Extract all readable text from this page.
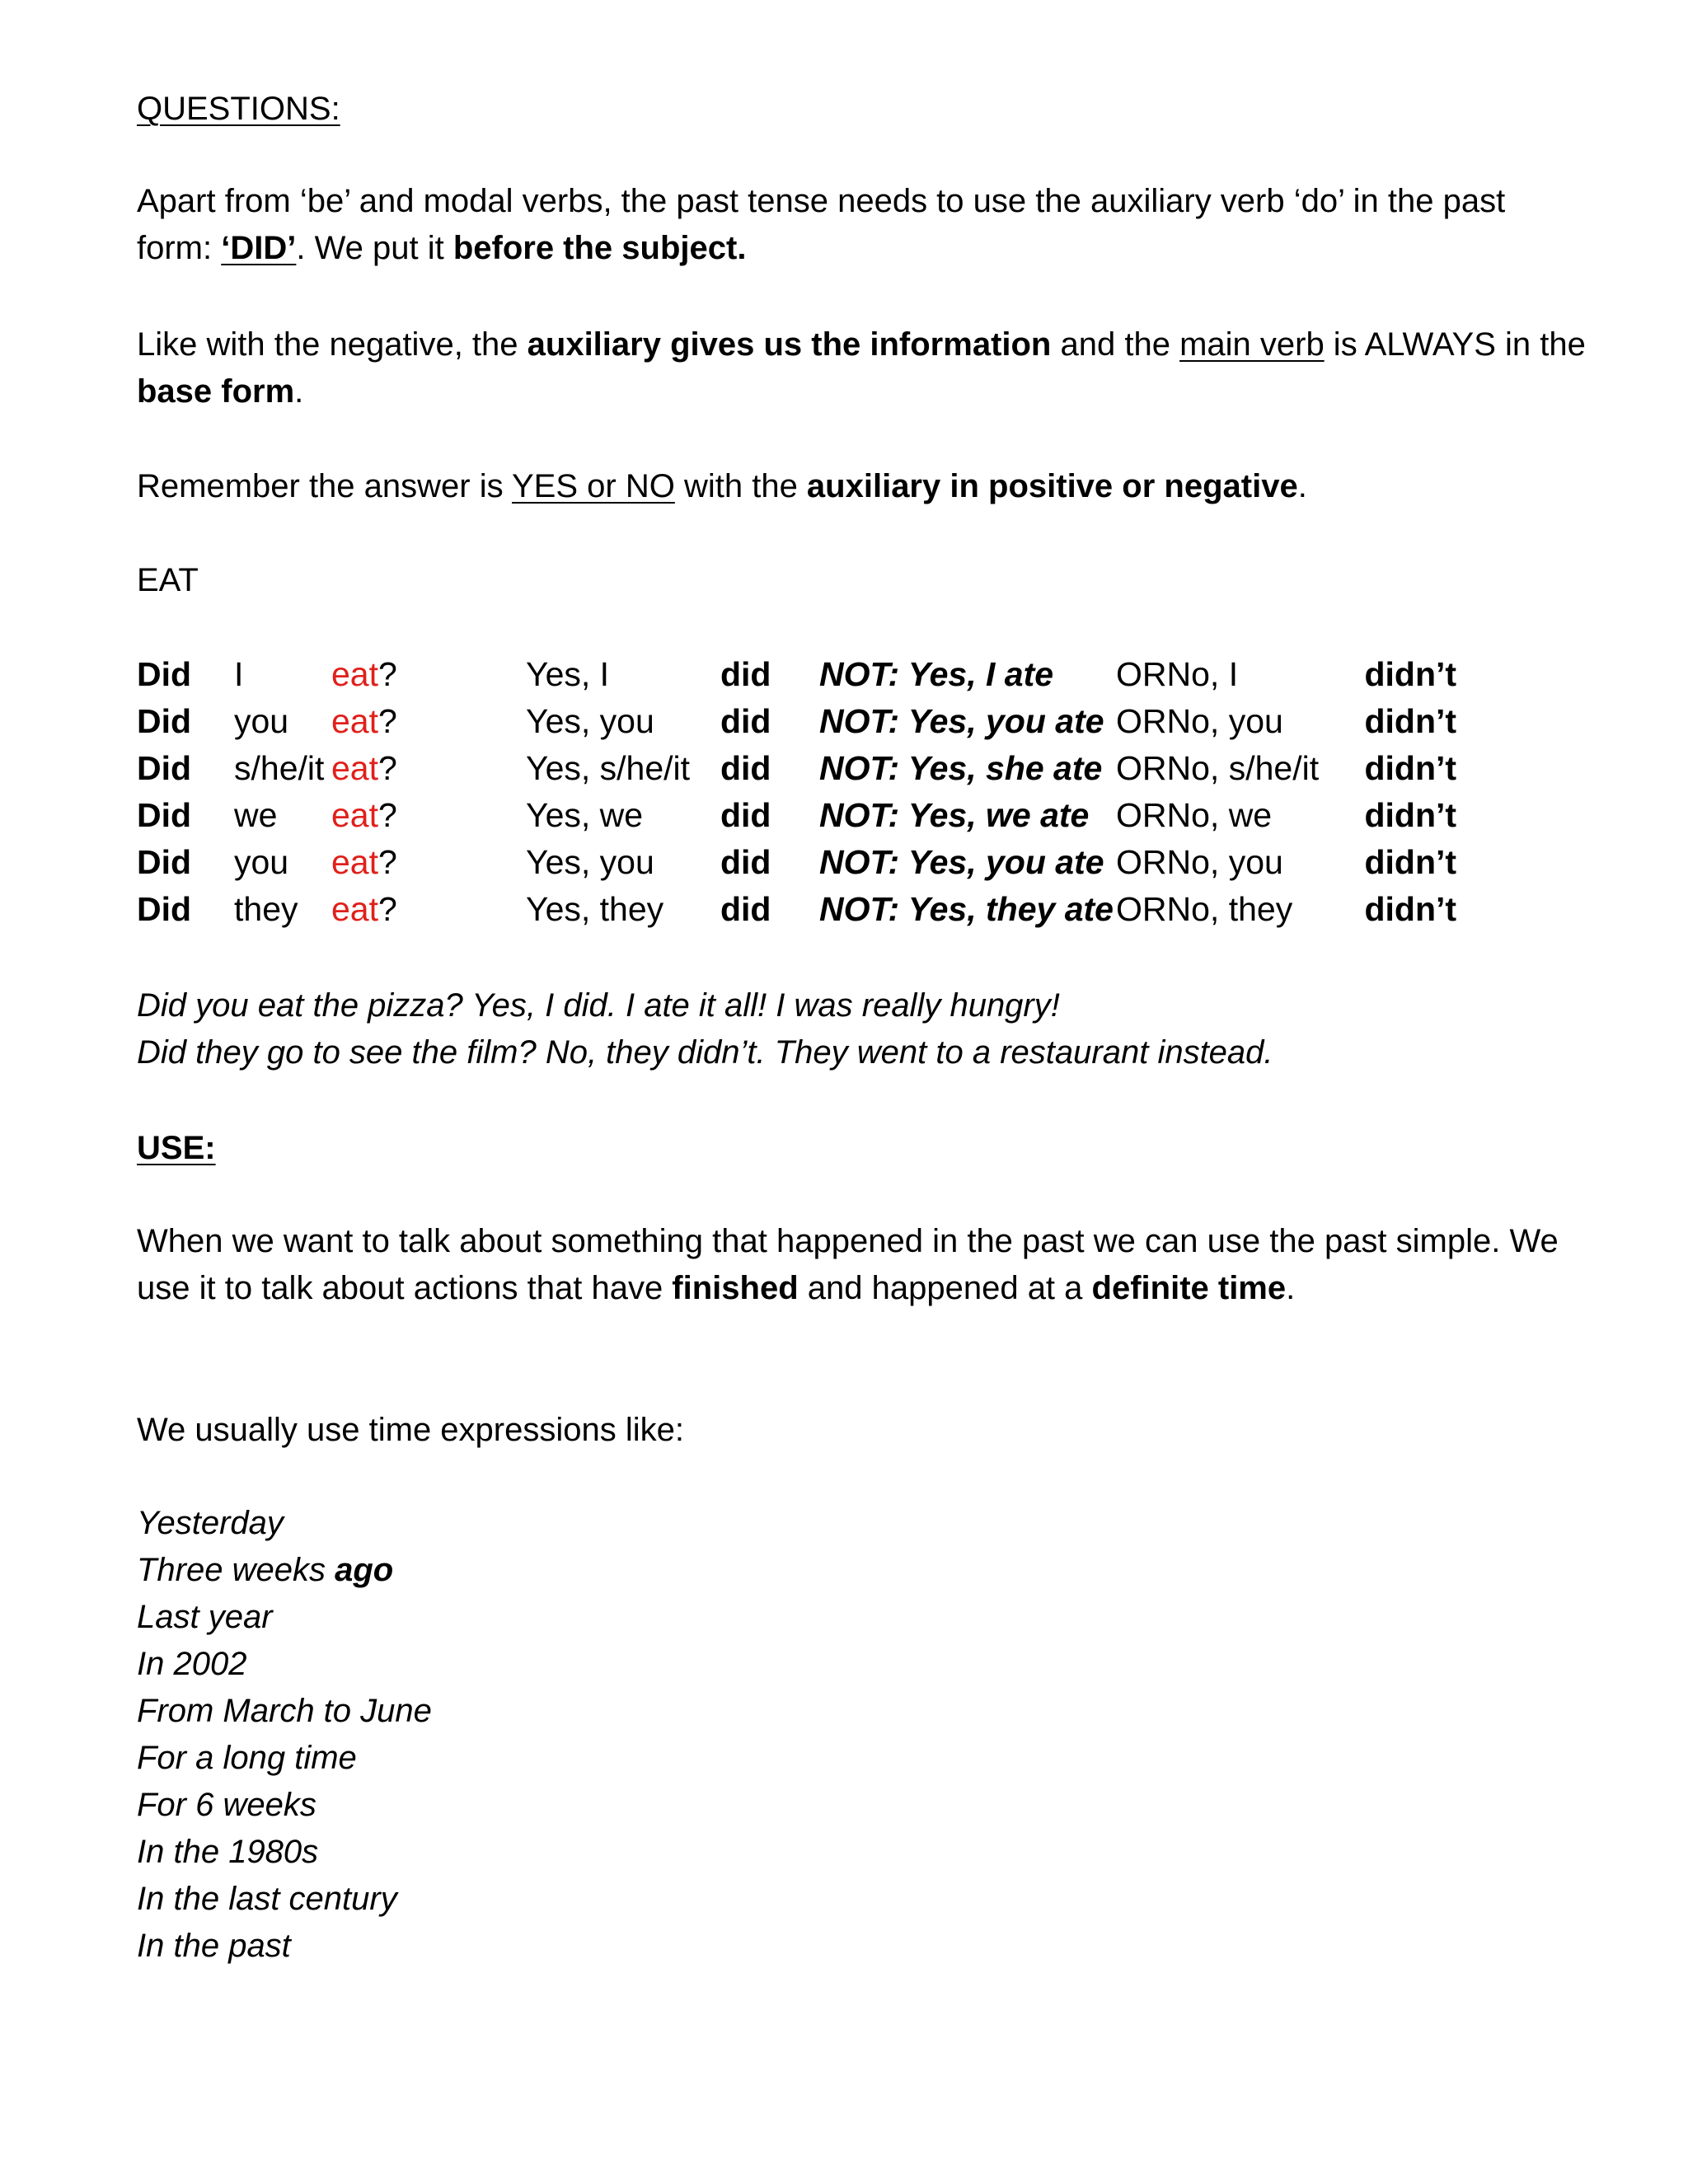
QUESTIONS:
Apart from ‘be’ and modal verbs, the past tense needs to use the auxiliary verb ‘do’ in the past form: ‘DID’. We put it before the subject.
Like with the negative, the auxiliary gives us the information and the main verb is ALWAYS in the base form.
Remember the answer is YES or NO with the auxiliary in positive or negative.
EAT
Did	I eat?	Yes, I	did	NOT: Yes, I ate	OR	No, I	didn’t
Did	you eat?	Yes, you	did	NOT: Yes, you ate	OR	No, you	didn’t
Did	s/he/it eat?	Yes, s/he/it	did	NOT: Yes, she ate	OR	No, s/he/it	didn’t
Did	we eat?	Yes, we	did	NOT: Yes, we ate	OR	No, we	didn’t
Did	you eat?	Yes, you	did	NOT: Yes, you ate	OR	No, you	didn’t
Did	they eat?	Yes, they	did	NOT: Yes, they ate	OR	No, they	didn’t
Did you eat the pizza? Yes, I did. I ate it all! I was really hungry!
Did they go to see the film? No, they didn’t. They went to a restaurant instead.
USE:
When we want to talk about something that happened in the past we can use the past simple. We use it to talk about actions that have finished and happened at a definite time.
We usually use time expressions like:
Yesterday
Three weeks ago
Last year
In 2002
From March to June
For a long time
For 6 weeks
In the 1980s
In the last century
In the past
